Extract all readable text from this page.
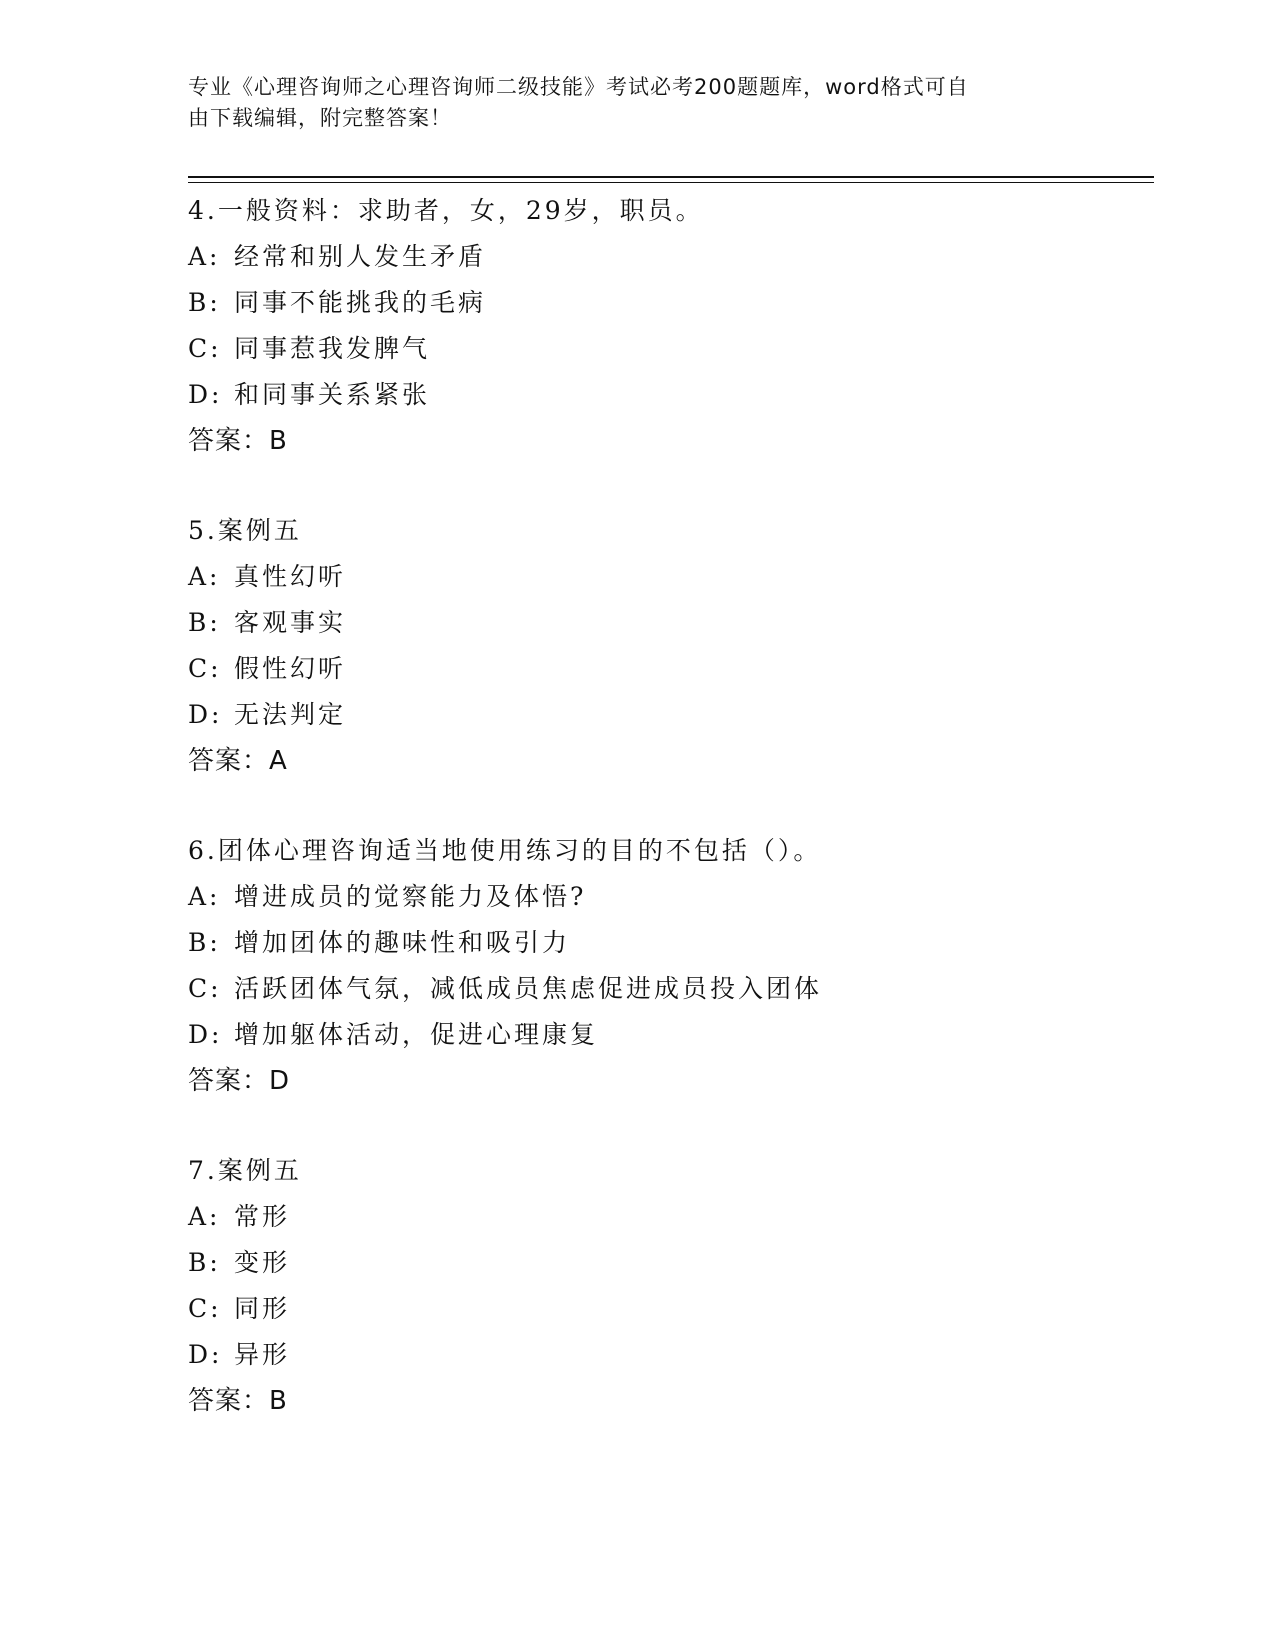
专业《心理咨询师之心理咨询师二级技能》考试必考200题题库，word格式可自
由下载编辑，附完整答案！
4.一般资料：求助者，女，29岁，职员。
A: 经常和别人发生矛盾
B: 同事不能挑我的毛病
C: 同事惹我发脾气
D: 和同事关系紧张
答案：B
5.案例五
A: 真性幻听
B: 客观事实
C: 假性幻听
D: 无法判定
答案：A
6.团体心理咨询适当地使用练习的目的不包括（）。
A: 增进成员的觉察能力及体悟?
B: 增加团体的趣味性和吸引力
C: 活跃团体气氛，减低成员焦虑促进成员投入团体
D: 增加躯体活动，促进心理康复
答案：D
7.案例五
A: 常形
B: 变形
C: 同形
D: 异形
答案：B
